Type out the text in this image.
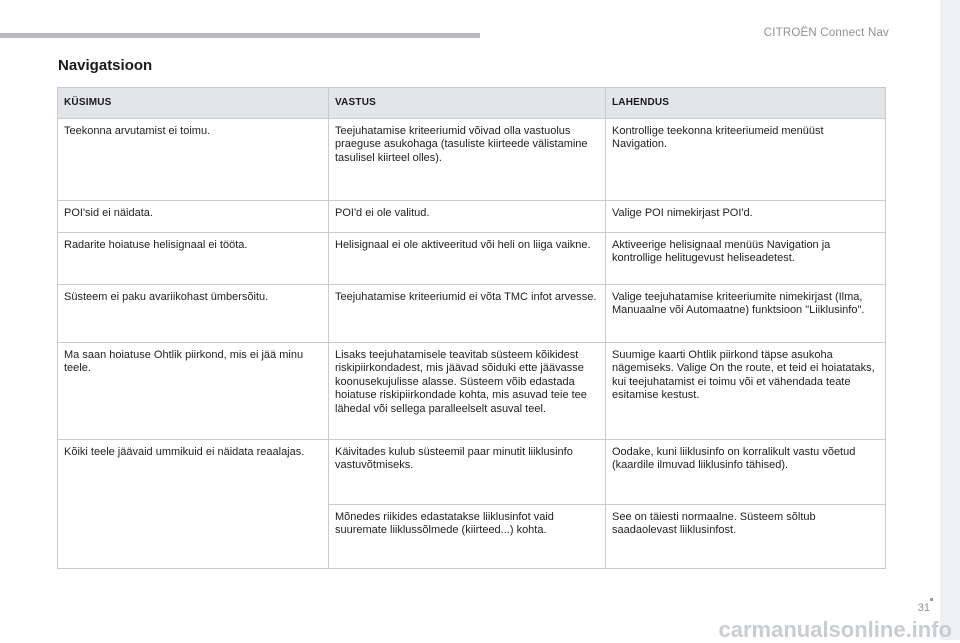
CITROËN Connect Nav
Navigatsioon
KÜSIMUS	VASTUS	LAHENDUS
Teekonna arvutamist ei toimu.	Teejuhatamise kriteeriumid võivad olla vastuolus praeguse asukohaga (tasuliste kiirteede välistamine tasulisel kiirteel olles).	Kontrollige teekonna kriteeriumeid menüüst Navigation.
POI'sid ei näidata.	POI'd ei ole valitud.	Valige POI nimekirjast POI'd.
Radarite hoiatuse helisignaal ei tööta.	Helisignaal ei ole aktiveeritud või heli on liiga vaikne.	Aktiveerige helisignaal menüüs Navigation ja kontrollige helitugevust heliseadetest.
Süsteem ei paku avariikohast ümbersõitu.	Teejuhatamise kriteeriumid ei võta TMC infot arvesse.	Valige teejuhatamise kriteeriumite nimekirjast (Ilma, Manuaalne või Automaatne) funktsioon "Liiklusinfo".
Ma saan hoiatuse Ohtlik piirkond, mis ei jää minu teele.	Lisaks teejuhatamisele teavitab süsteem kõikidest riskipiirkondadest, mis jäävad sõiduki ette jäävasse koonusekujulisse alasse. Süsteem võib edastada hoiatuse riskipiirkondade kohta, mis asuvad teie tee lähedal või sellega paralleelselt asuval teel.	Suumige kaarti Ohtlik piirkond täpse asukoha nägemiseks. Valige On the route, et teid ei hoiatataks, kui teejuhatamist ei toimu või et vähendada teate esitamise kestust.
Kõiki teele jäävaid ummikuid ei näidata reaalajas.	Käivitades kulub süsteemil paar minutit liiklusinfo vastuvõtmiseks.	Oodake, kuni liiklusinfo on korralikult vastu võetud (kaardile ilmuvad liiklusinfo tähised).
	Mõnedes riikides edastatakse liiklusinfot vaid suuremate liiklussõlmede (kiirteed...) kohta.	See on täiesti normaalne. Süsteem sõltub saadaolevast liiklusinfost.
31
carmanualsonline.info
